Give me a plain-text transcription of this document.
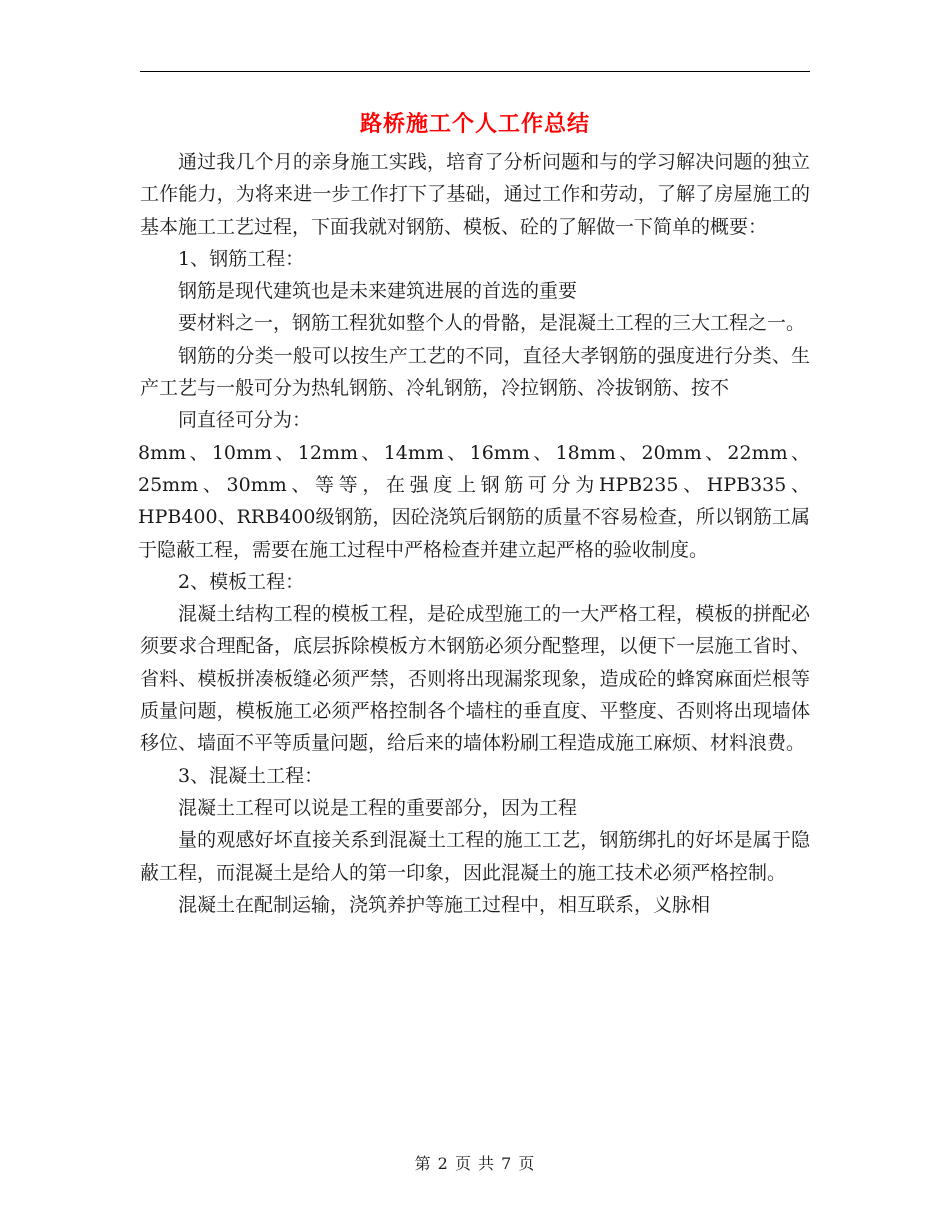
路桥施工个人工作总结

通过我几个月的亲身施工实践，培育了分析问题和与的学习解决问题的独立工作能力，为将来进一步工作打下了基础，通过工作和劳动，了解了房屋施工的基本施工工艺过程，下面我就对钢筋、模板、砼的了解做一下简单的概要：

1、钢筋工程：

钢筋是现代建筑也是未来建筑进展的首选的重要

要材料之一，钢筋工程犹如整个人的骨骼，是混凝土工程的三大工程之一。

钢筋的分类一般可以按生产工艺的不同，直径大孝钢筋的强度进行分类、生产工艺与一般可分为热轧钢筋、冷轧钢筋，冷拉钢筋、冷拔钢筋、按不

同直径可分为：

8mm、10mm、12mm、14mm、16mm、18mm、20mm、22mm、25mm、30mm、等等，在强度上钢筋可分为HPB235、HPB335、HPB400、RRB400级钢筋，因砼浇筑后钢筋的质量不容易检查，所以钢筋工属于隐蔽工程，需要在施工过程中严格检查并建立起严格的验收制度。

2、模板工程：

混凝土结构工程的模板工程，是砼成型施工的一大严格工程，模板的拼配必须要求合理配备，底层拆除模板方木钢筋必须分配整理，以便下一层施工省时、省料、模板拼凑板缝必须严禁，否则将出现漏浆现象，造成砼的蜂窝麻面烂根等质量问题，模板施工必须严格控制各个墙柱的垂直度、平整度、否则将出现墙体移位、墙面不平等质量问题，给后来的墙体粉刷工程造成施工麻烦、材料浪费。

3、混凝土工程：

混凝土工程可以说是工程的重要部分，因为工程

量的观感好坏直接关系到混凝土工程的施工工艺，钢筋绑扎的好坏是属于隐蔽工程，而混凝土是给人的第一印象，因此混凝土的施工技术必须严格控制。

混凝土在配制运输，浇筑养护等施工过程中，相互联系，义脉相

第 2 页 共 7 页
